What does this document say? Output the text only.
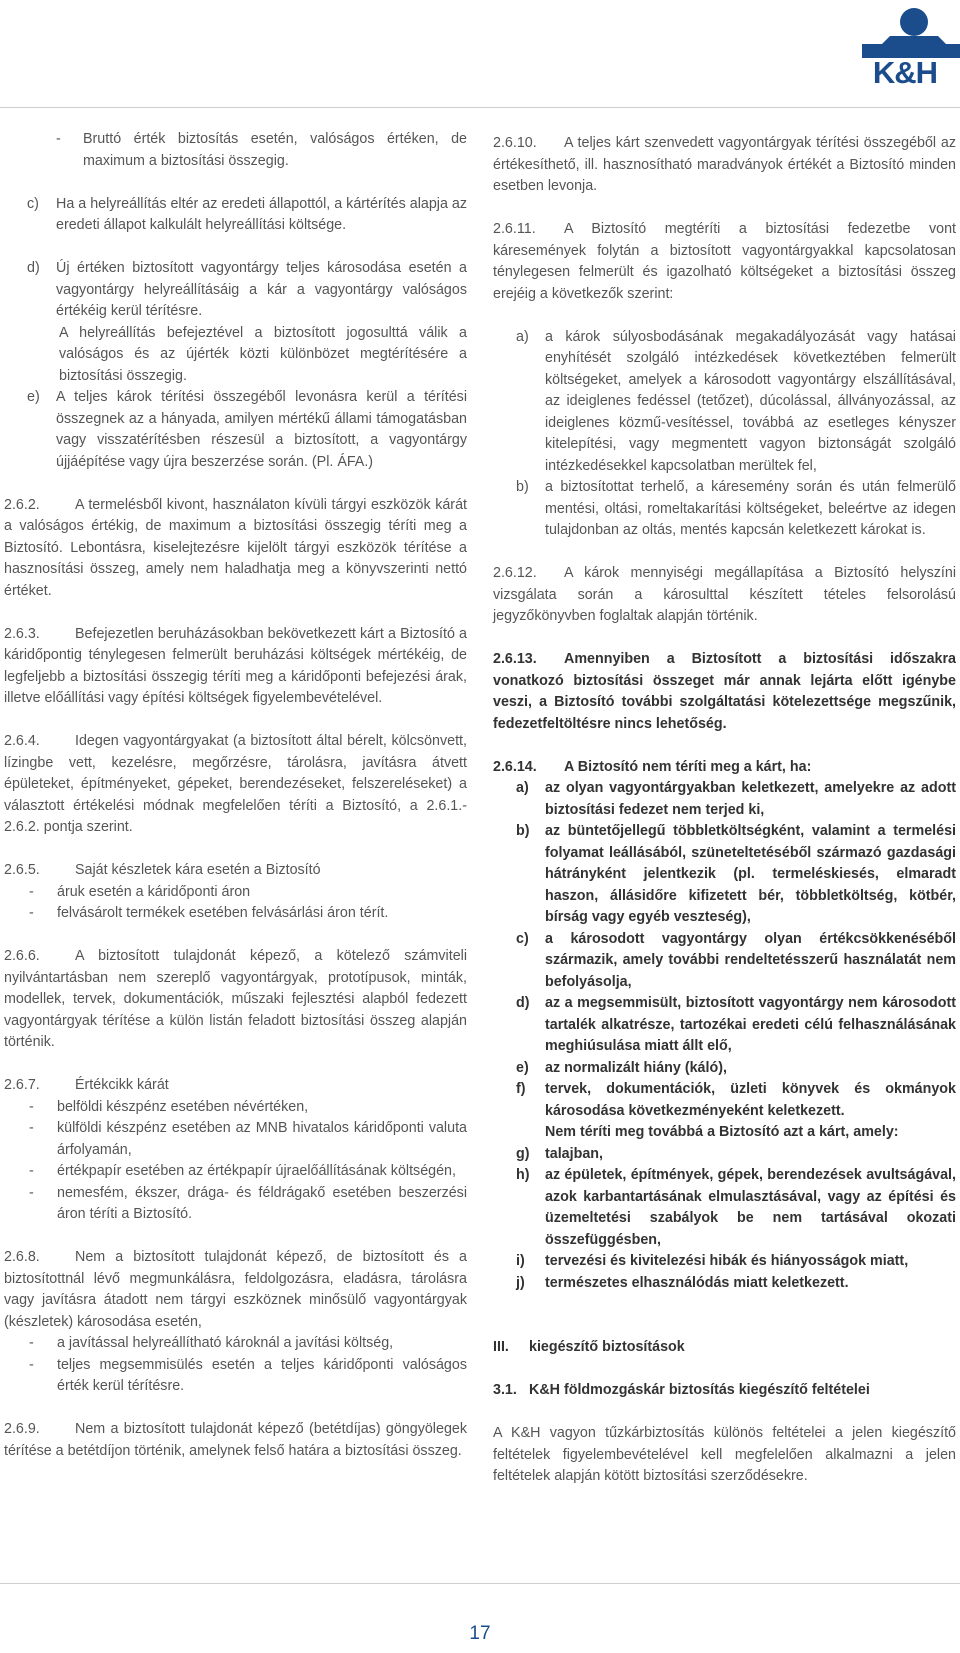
K&H
-	Bruttó érték biztosítás esetén, valóságos értéken, de maximum a biztosítási összegig.
c)	Ha a helyreállítás eltér az eredeti állapottól, a kártérítés alapja az eredeti állapot kalkulált helyreállítási költsége.
d)	Új értéken biztosított vagyontárgy teljes károsodása esetén a vagyontárgy helyreállításáig a kár a vagyontárgy valóságos értékéig kerül térítésre.

A helyreállítás befejeztével a biztosított jogosulttá válik a valóságos és az újérték közti különbözet megtérítésére a biztosítási összegig.

e)	A teljes károk térítési összegéből levonásra kerül a térítési összegnek az a hányada, amilyen mértékű állami támogatásban vagy visszatérítésben részesül a biztosított, a vagyontárgy újjáépítése vagy újra beszerzése során. (Pl. ÁFA.)

2.6.2. A termelésből kivont, használaton kívüli tárgyi eszközök kárát a valóságos értékig, de maximum a biztosítási összegig téríti meg a Biztosító. Lebontásra, kiselejtezésre kijelölt tárgyi eszközök térítése a hasznosítási összeg, amely nem haladhatja meg a könyvszerinti nettó értéket.

2.6.3. Befejezetlen beruházásokban bekövetkezett kárt a Biztosító a káridőpontig ténylegesen felmerült beruházási költségek mértékéig, de legfeljebb a biztosítási összegig téríti meg a káridőponti befejezési árak, illetve előállítási vagy építési költségek figyelembevételével.

2.6.4. Idegen vagyontárgyakat (a biztosított által bérelt, kölcsönvett, lízingbe vett, kezelésre, megőrzésre, tárolásra, javításra átvett épületeket, építményeket, gépeket, berendezéseket, felszereléseket) a választott értékelési módnak megfelelően téríti a Biztosító, a 2.6.1.- 2.6.2. pontja szerint.

2.6.5. Saját készletek kára esetén a Biztosító

-	áruk esetén a káridőponti áron
-	felvásárolt termékek esetében felvásárlási áron térít.

2.6.6. A biztosított tulajdonát képező, a kötelező számviteli nyilvántartásban nem szereplő vagyontárgyak, prototípusok, minták, modellek, tervek, dokumentációk, műszaki fejlesztési alapból fedezett vagyontárgyak térítése a külön listán feladott biztosítási összeg alapján történik.

2.6.7. Értékcikk kárát

-	belföldi készpénz esetében névértéken,
-	külföldi készpénz esetében az MNB hivatalos káridőponti valuta árfolyamán,
-	értékpapír esetében az értékpapír újraelőállításának költségén,
-	nemesfém, ékszer, drága- és féldrágakő esetében beszerzési áron téríti a Biztosító.

2.6.8. Nem a biztosított tulajdonát képező, de biztosított és a biztosítottnál lévő megmunkálásra, feldolgozásra, eladásra, tárolásra vagy javításra átadott nem tárgyi eszköznek minősülő vagyontárgyak (készletek) károsodása esetén,

-	a javítással helyreállítható károknál a javítási költség,
-	teljes megsemmisülés esetén a teljes káridőponti valóságos érték kerül térítésre.

2.6.9. Nem a biztosított tulajdonát képező (betétdíjas) göngyölegek térítése a betétdíjon történik, amelynek felső határa a biztosítási összeg.

2.6.10. A teljes kárt szenvedett vagyontárgyak térítési összegéből az értékesíthető, ill. hasznosítható maradványok értékét a Biztosító minden esetben levonja.

2.6.11. A Biztosító megtéríti a biztosítási fedezetbe vont káresemények folytán a biztosított vagyontárgyakkal kapcsolatosan ténylegesen felmerült és igazolható költségeket a biztosítási összeg erejéig a következők szerint:

a)	a károk súlyosbodásának megakadályozását vagy hatásai enyhítését szolgáló intézkedések következtében felmerült költségeket, amelyek a károsodott vagyontárgy elszállításával, az ideiglenes fedéssel (tetőzet), dúcolással, állványozással, az ideiglenes közmű-vesítéssel, továbbá az esetleges kényszer kitelepítési, vagy megmentett vagyon biztonságát szolgáló intézkedésekkel kapcsolatban merültek fel,
b)	a biztosítottat terhelő, a káresemény során és után felmerülő mentési, oltási, romeltakarítási költségeket, beleértve az idegen tulajdonban az oltás, mentés kapcsán keletkezett károkat is.

2.6.12. A károk mennyiségi megállapítása a Biztosító helyszíni vizsgálata során a károsulttal készített tételes felsorolású jegyzőkönyvben foglaltak alapján történik.

2.6.13. Amennyiben a Biztosított a biztosítási időszakra vonatkozó biztosítási összeget már annak lejárta előtt igénybe veszi, a Biztosító további szolgáltatási kötelezettsége megszűnik, fedezetfeltöltésre nincs lehetőség.

2.6.14. A Biztosító nem téríti meg a kárt, ha:

a)	az olyan vagyontárgyakban keletkezett, amelyekre az adott biztosítási fedezet nem terjed ki,
b)	az büntetőjellegű többletköltségként, valamint a termelési folyamat leállásából, szüneteltetéséből származó gazdasági hátrányként jelentkezik (pl. termeléskiesés, elmaradt haszon, állásidőre kifizetett bér, többletköltség, kötbér, bírság vagy egyéb veszteség),
c)	a károsodott vagyontárgy olyan értékcsökkenéséből származik, amely további rendeltetésszerű használatát nem befolyásolja,
d)	az a megsemmisült, biztosított vagyontárgy nem károsodott tartalék alkatrésze, tartozékai eredeti célú felhasználásának meghiúsulása miatt állt elő,
e)	az normalizált hiány (káló),
f)	tervek, dokumentációk, üzleti könyvek és okmányok károsodása következményeként keletkezett.

Nem téríti meg továbbá a Biztosító azt a kárt, amely:

g)	talajban,
h)	az épületek, építmények, gépek, berendezések avultságával, azok karbantartásának elmulasztásával, vagy az építési és üzemeltetési szabályok be nem tartásával okozati összefüggésben,
i)	tervezési és kivitelezési hibák és hiányosságok miatt,
j)	természetes elhasználódás miatt keletkezett.

III. kiegészítő biztosítások

3.1. K&H földmozgáskár biztosítás kiegészítő feltételei

A K&H vagyon tűzkárbiztosítás különös feltételei a jelen kiegészítő feltételek figyelembevételével kell megfelelően alkalmazni a jelen feltételek alapján kötött biztosítási szerződésekre.

17
